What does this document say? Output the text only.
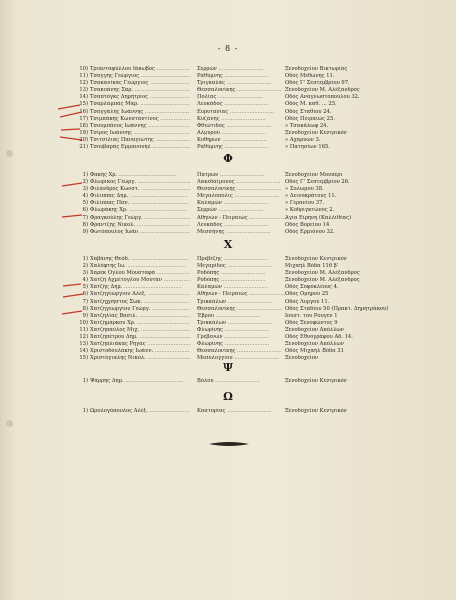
- 8 -
10) Τριανταφύλλου Ιάκωβος .....	Σερρών .....	Ξενοδοχείον Βικτωρίας
11) Τσαγγής Γεώργιος .....	Ραθύμνης .....	Οδός Μεθώνης 11.
12) Τσακανίκας Γεώργιος .....	Τριγκαλάς .....	Οδός Γ' Σεπτεμβρίου 97.
13) Τσακυάνης Σαρ. .....	Θεσσαλονίκης .....	Ξενοδοχείον Μ. Αλέξανδρος
14) Τσαπτόγκς Δημήτριος .....	Πολίας .....	Οδός Αναγνωστοπούλου 32.
15) Τσαρλαμπάς Μαρ. .....	Λευκάδος .....	Οδός Μ. καθ. ... 25.
16) Τσαγγάλης Ιωάννης .....	Ευρυτανίας .....	Οδός Σταθίου 24.
17) Τσιμπάκης Κωνσταντίνος .....	Κυζάνης .....	Οδός Πειραιώς 25.
18) Τσουμπάνος Ιωάννης .....	Φθιώτιδος .....	» Τσακάλωφ 24.
19) Τσίρος Ιωάννης .....	Αλμυρού .....	Ξενοδοχείον Κεντρικόν
20) Τσιτσίλιας Παναγιώτης .....	Κυθήρων .....	» Αχαρνών 3.
21) Τσουβαράς Εμμανουήλ .....	Ραθύμνης .....	» Πατησίων 165.
Φ
1) Φακής Χρ. .....	Πατρών .....	Ξενοδοχείον Μονπέρι
2) Φλωρίκος Γεώργ. .....	Λακεδαίμονος .....	Οδός Γ' Σεπτεμβρίου 26.
3) Φιλανδρος Κωνστ. .....	Θεσσαλονίκης .....	» Σολωμού 38.
4) Φιλιππας Δημ. .....	Μεγαλόπολις .....	» Δεινοκράτους 11.
5) Φιλίππας Παν. .....	Καλαμών .....	» Γερανίου 37.
6) Φλωράκης Χρ. .....	Σερρών .....	» Κοδριγκτώνος 2.
7) Φραγκούλης Γεώργ. .....	Αθηνών - Πειραιώς .....	Αγία Ειρήνη (Καλλιθέας)
8) Φραντζής Νικολ. .....	Λευκάδος .....	Οδός Βορείου 14
9) Φωτόπουλος Ιωάν. .....	Μεσσήνης .....	Οδός Ερμιόνου 32.
Χ
1) Χαβάνης Θεόδ. .....	Πρεβέζης .....	Ξενοδοχείον Κεντρικόν
2) Χαλόφτης Ιω. .....	Μεγαρίδος .....	Μιχαήλ Βόδα 116 β'
3) Χαρέκ Όγλού Μουσταφά .....	Ροδόπης .....	Ξενοδοχείον Μ. Αλέξανδρος
4) Χατζή Αχμέτογλου Μουτάν .....	Ροδόπης .....	Ξενοδοχείον Μ. Αλέξανδρος
5) Χατζής Δημ. .....	Καλαμών .....	Οδός Σοφοκλέους 4.
6) Χατζηγεώργιου Αλέξ. .....	Αθηνών - Πειραιώς .....	Οδός Ομήρου 25
7) Χατζηχρήστος Σωκ. .....	Τρικκάλων .....	Οδός Λυργού 11.
8) Χατζηγεωργίου Γεώργ. .....	Θεσσαλονίκης .....	Οδός Σταδίου 50 (Πρακτ. Δημητράκου)
9) Χατζηλίας Βασιλ. .....	Έβρου .....	Ιουστ. του Ρουγέν 1
10) Χατζημάρκου Χρ. .....	Τρικκάλων .....	Οδός Ξενοφώντος 9
11) Χατζηπαύλος Μιχ. .....	Φλωρίνης .....	Ξενοδοχείον Απόλλων
12) Χατζηπέτρου Δημ. .....	Γρεβενών .....	Οδός Εθνογράφου Αδ. 14.
13) Χατζηπλιάκας Ρηγας .....	Φλωρίνης .....	Ξενοδοχείον Απόλλων
14) Χριστοδουλάκης Ιωάνν. .....	Θεσσαλονίκης .....	Οδός Μιχαήλ Βόδα 31
15) Χριστόγιαλης Νικόλ. .....	Μεσολογγίου .....	Ξενοδοχείον
Ψ
1) Ψάρρης Δημ. .....	Βόλου .....	Ξενοδοχείον Κεντρικόν
Ω
1) Ωρολογόπουλος Αλέξ. .....	Καστορίας .....	Ξενοδοχείον Κεντρικόν
